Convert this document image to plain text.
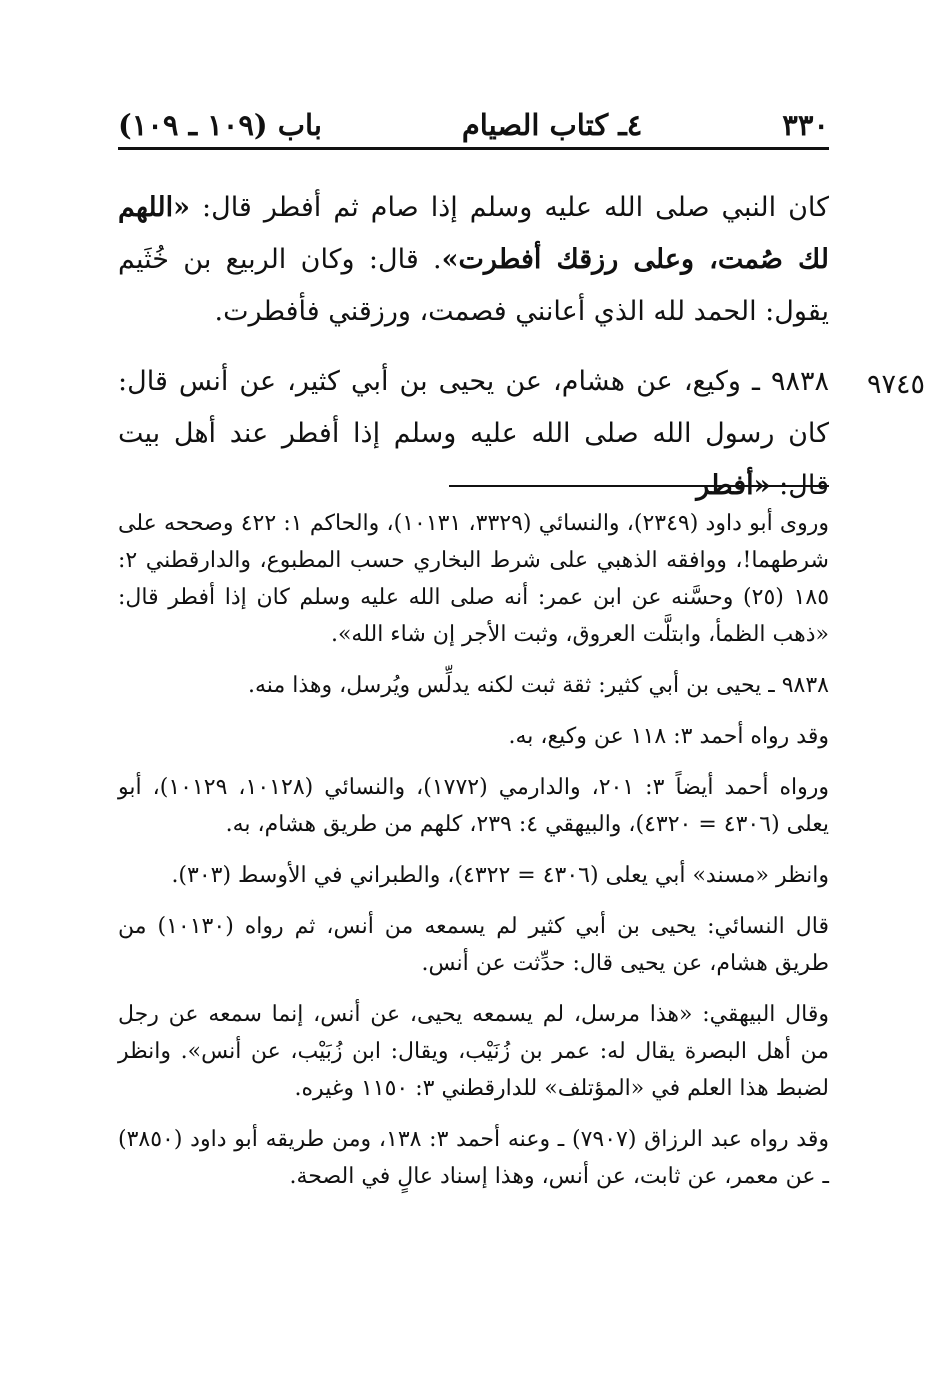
٣٣٠
٤ـ كتاب الصيام
باب (١٠٩ ـ ١٠٩)

كان النبي صلى الله عليه وسلم إذا صام ثم أفطر قال: «اللهم لك صُمت، وعلى رزقك أفطرت». قال: وكان الربيع بن خُثَيم يقول: الحمد لله الذي أعانني فصمت، ورزقني فأفطرت.

٩٨٣٨ ـ وكيع، عن هشام، عن يحيى بن أبي كثير، عن أنس قال: كان رسول الله صلى الله عليه وسلم إذا أفطر عند أهل بيت قال: «أفطر

٩٧٤٥

وروى أبو داود (٢٣٤٩)، والنسائي (٣٣٢٩، ١٠١٣١)، والحاكم ١: ٤٢٢ وصححه على شرطهما!، ووافقه الذهبي على شرط البخاري حسب المطبوع، والدارقطني ٢: ١٨٥ (٢٥) وحسَّنه عن ابن عمر: أنه صلى الله عليه وسلم كان إذا أفطر قال: «ذهب الظمأ، وابتلَّت العروق، وثبت الأجر إن شاء الله».

٩٨٣٨ ـ يحيى بن أبي كثير: ثقة ثبت لكنه يدلِّس ويُرسل، وهذا منه.

وقد رواه أحمد ٣: ١١٨ عن وكيع، به.

ورواه أحمد أيضاً ٣: ٢٠١، والدارمي (١٧٧٢)، والنسائي (١٠١٢٨، ١٠١٢٩)، أبو يعلى (٤٣٠٦ = ٤٣٢٠)، والبيهقي ٤: ٢٣٩، كلهم من طريق هشام، به.

وانظر «مسند» أبي يعلى (٤٣٠٦ = ٤٣٢٢)، والطبراني في الأوسط (٣٠٣).

قال النسائي: يحيى بن أبي كثير لم يسمعه من أنس، ثم رواه (١٠١٣٠) من طريق هشام، عن يحيى قال: حدِّثت عن أنس.

وقال البيهقي: «هذا مرسل، لم يسمعه يحيى، عن أنس، إنما سمعه عن رجل من أهل البصرة يقال له: عمر بن زُنَيْب، ويقال: ابن زُبَيْب، عن أنس». وانظر لضبط هذا العلم في «المؤتلف» للدارقطني ٣: ١١٥٠ وغيره.

وقد رواه عبد الرزاق (٧٩٠٧) ـ وعنه أحمد ٣: ١٣٨، ومن طريقه أبو داود (٣٨٥٠) ـ عن معمر، عن ثابت، عن أنس، وهذا إسناد عالٍ في الصحة.
